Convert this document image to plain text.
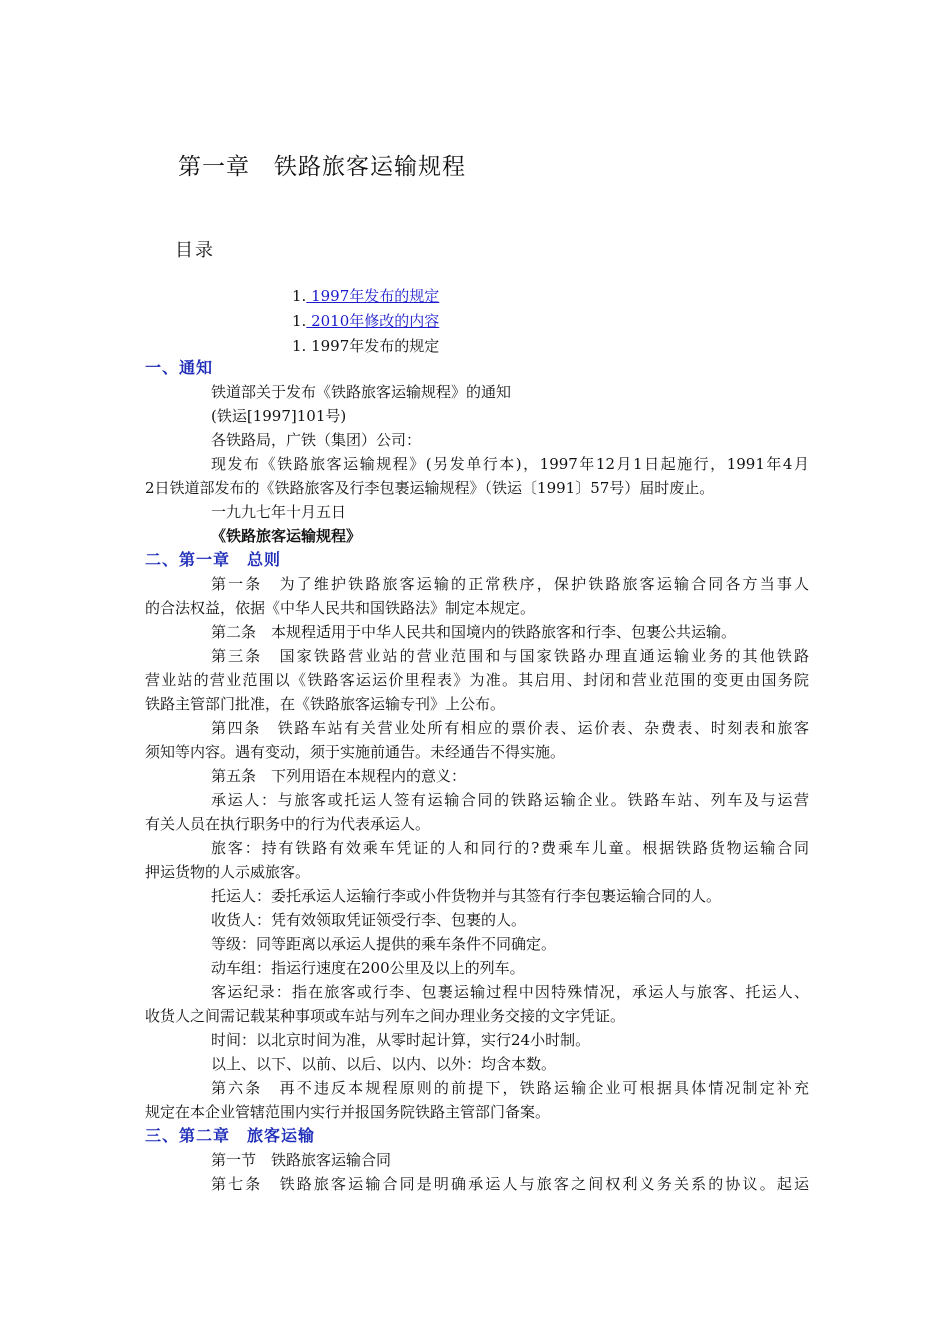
第一章　铁路旅客运输规程
目录
1. 1997年发布的规定
1. 2010年修改的内容
1. 1997年发布的规定
一、通知
铁道部关于发布《铁路旅客运输规程》的通知
(铁运[1997]101号)
各铁路局，广铁（集团）公司：
现发布《铁路旅客运输规程》(另发单行本)，1997年12月1日起施行，1991年4月
2日铁道部发布的《铁路旅客及行李包裹运输规程》（铁运〔1991〕57号）届时废止。
一九九七年十月五日
《铁路旅客运输规程》
二、第一章　总则
第一条　为了维护铁路旅客运输的正常秩序，保护铁路旅客运输合同各方当事人
的合法权益，依据《中华人民共和国铁路法》制定本规定。
第二条　本规程适用于中华人民共和国境内的铁路旅客和行李、包裹公共运输。
第三条　国家铁路营业站的营业范围和与国家铁路办理直通运输业务的其他铁路
营业站的营业范围以《铁路客运运价里程表》为准。其启用、封闭和营业范围的变更由国务院
铁路主管部门批准，在《铁路旅客运输专刊》上公布。
第四条　铁路车站有关营业处所有相应的票价表、运价表、杂费表、时刻表和旅客
须知等内容。遇有变动，须于实施前通告。未经通告不得实施。
第五条　下列用语在本规程内的意义：
承运人：与旅客或托运人签有运输合同的铁路运输企业。铁路车站、列车及与运营
有关人员在执行职务中的行为代表承运人。
旅客：持有铁路有效乘车凭证的人和同行的?费乘车儿童。根据铁路货物运输合同
押运货物的人示威旅客。
托运人：委托承运人运输行李或小件货物并与其签有行李包裹运输合同的人。
收货人：凭有效领取凭证领受行李、包裹的人。
等级：同等距离以承运人提供的乘车条件不同确定。
动车组：指运行速度在200公里及以上的列车。
客运纪录：指在旅客或行李、包裹运输过程中因特殊情况，承运人与旅客、托运人、
收货人之间需记载某种事项或车站与列车之间办理业务交接的文字凭证。
时间：以北京时间为准，从零时起计算，实行24小时制。
以上、以下、以前、以后、以内、以外：均含本数。
第六条　再不违反本规程原则的前提下，铁路运输企业可根据具体情况制定补充
规定在本企业管辖范围内实行并报国务院铁路主管部门备案。
三、第二章　旅客运输
第一节　铁路旅客运输合同
第七条　铁路旅客运输合同是明确承运人与旅客之间权利义务关系的协议。起运
